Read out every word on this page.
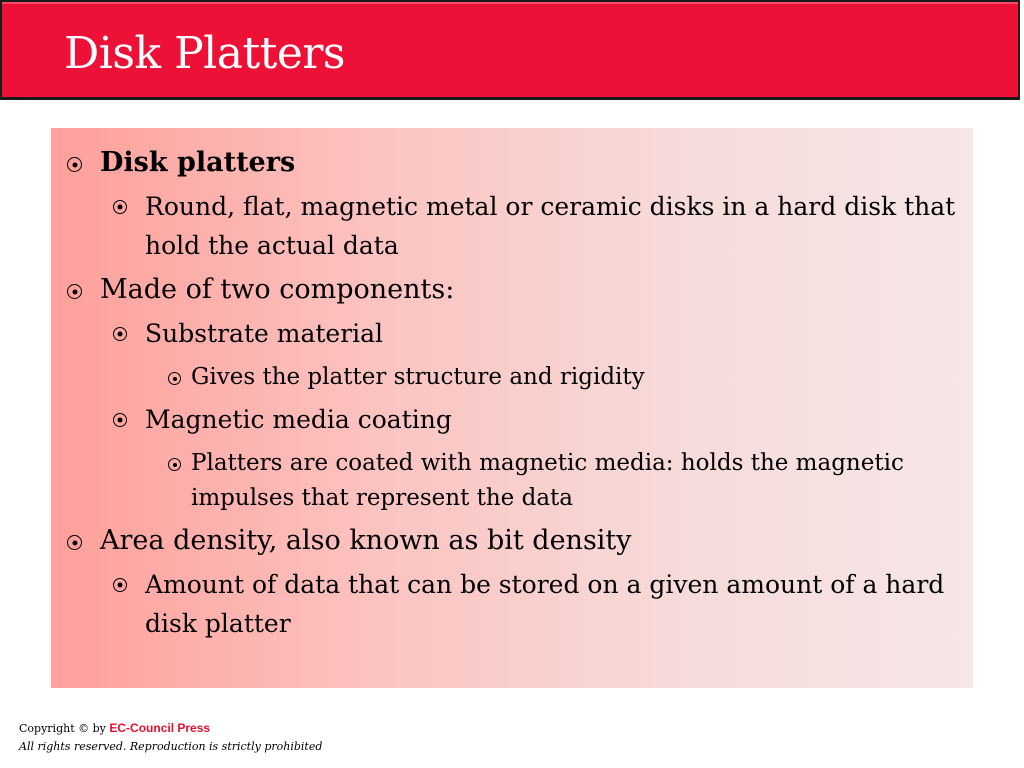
Disk Platters

Disk platters

Round, flat, magnetic metal or ceramic disks in a hard disk that hold the actual data

Made of two components:

Substrate material

Gives the platter structure and rigidity

Magnetic media coating

Platters are coated with magnetic media: holds the magnetic impulses that represent the data

Area density, also known as bit density

Amount of data that can be stored on a given amount of a hard disk platter

Copyright © by EC-Council Press
All rights reserved. Reproduction is strictly prohibited
